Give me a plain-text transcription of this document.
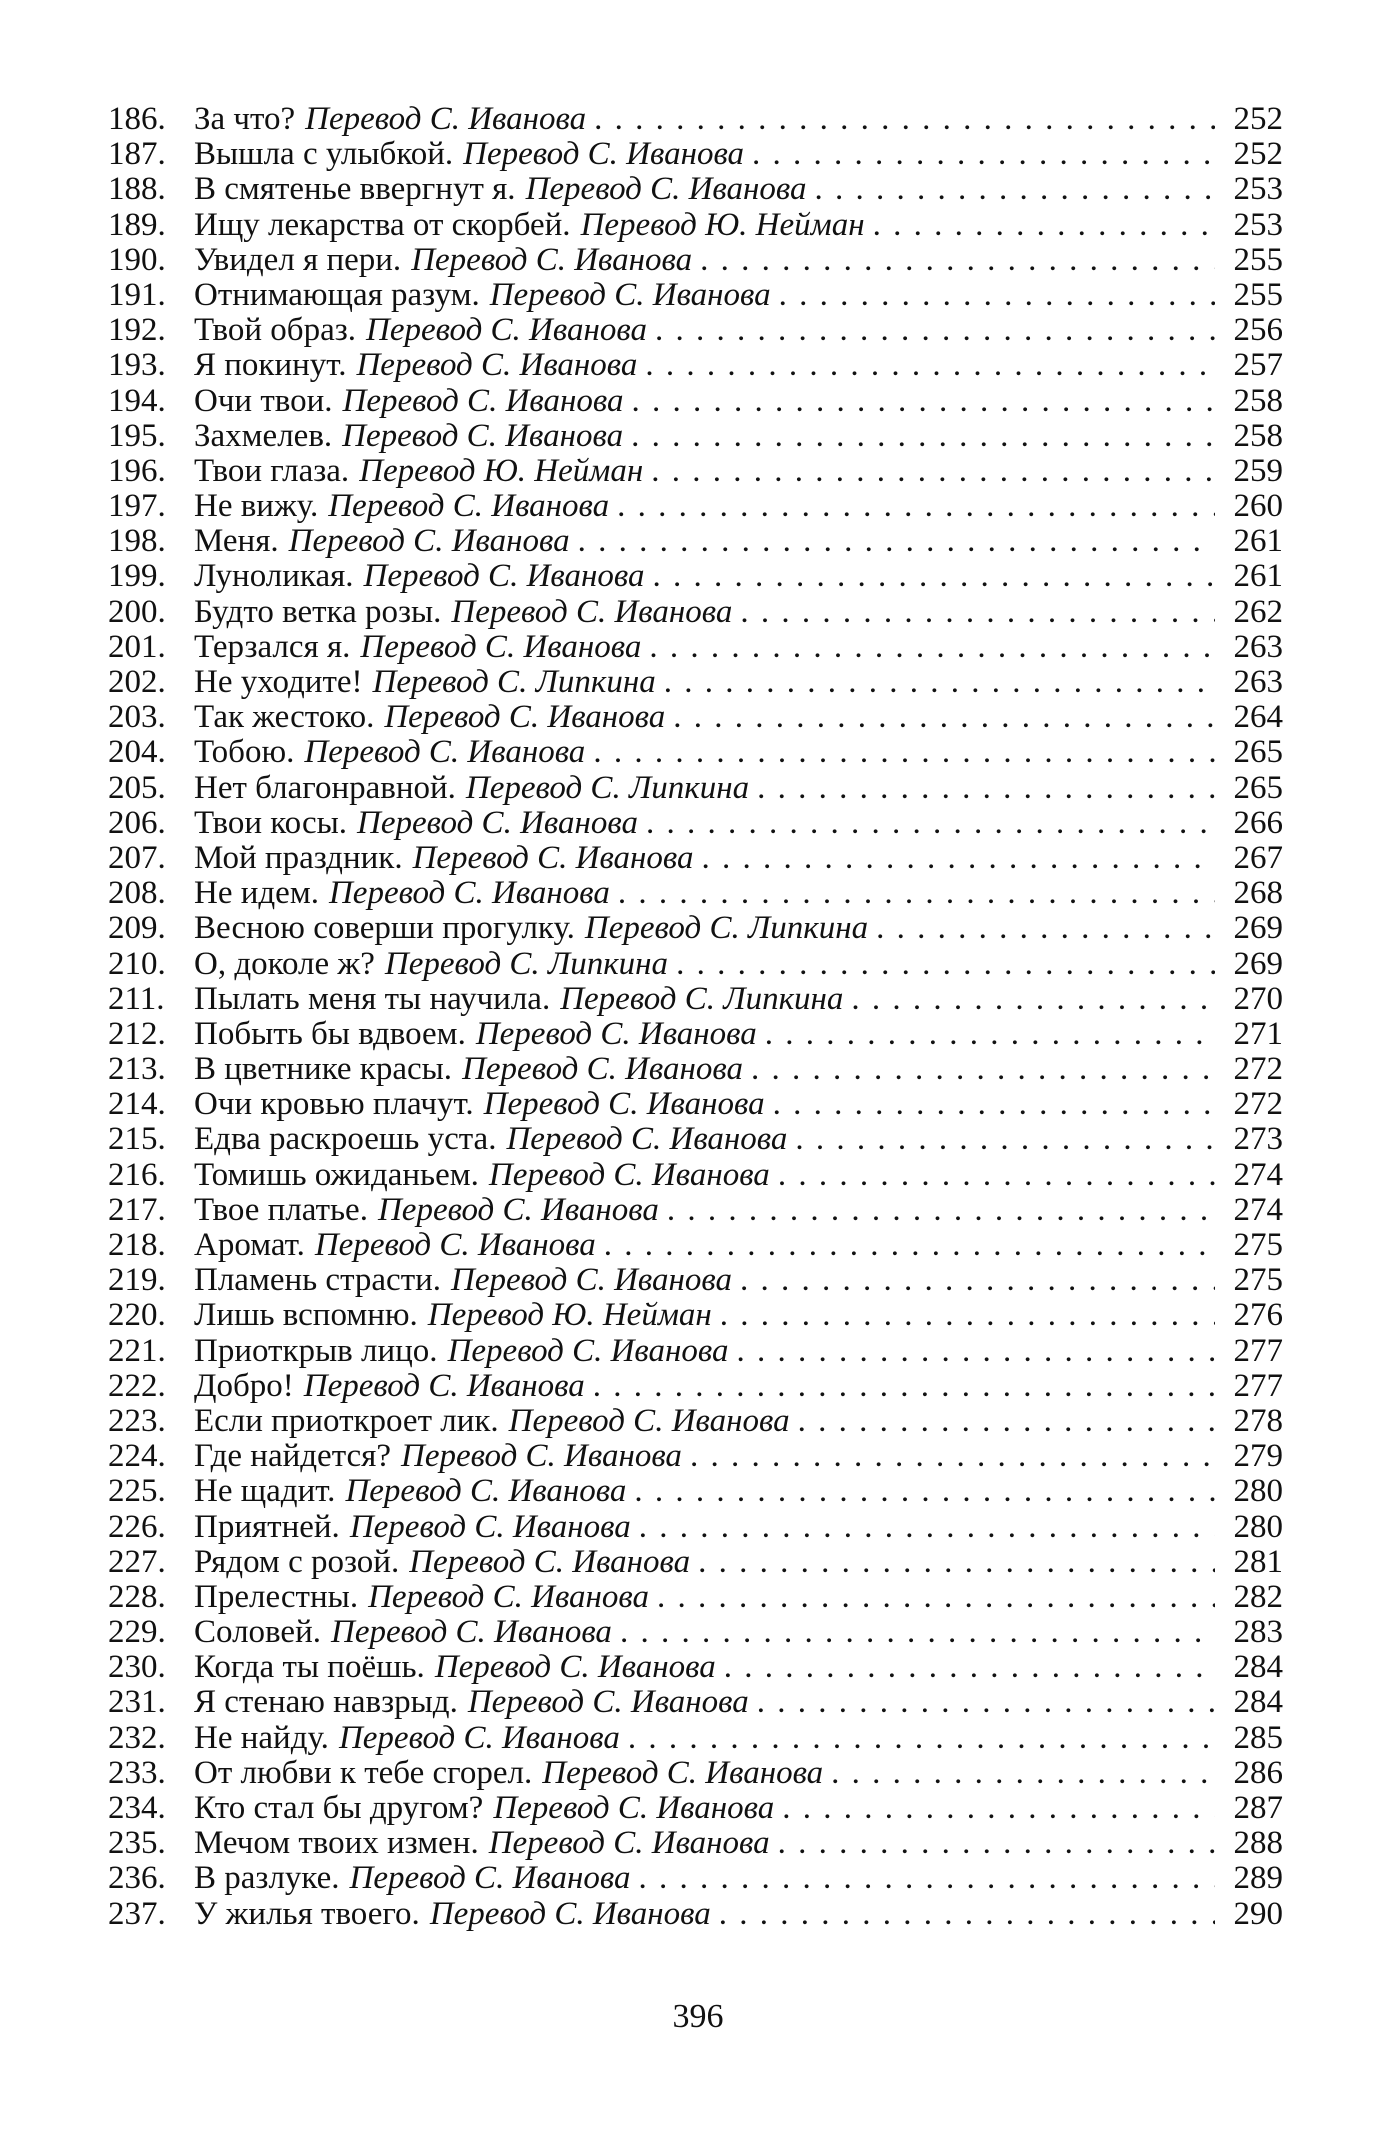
186. За что? Перевод С. Иванова . . .	252
187. Вышла с улыбкой. Перевод С. Иванова . . .	252
188. В смятенье ввергнут я. Перевод С. Иванова . . .	253
189. Ищу лекарства от скорбей. Перевод Ю. Нейман . . .	253
190. Увидел я пери. Перевод С. Иванова . . .	255
191. Отнимающая разум. Перевод С. Иванова . . .	255
192. Твой образ. Перевод С. Иванова . . .	256
193. Я покинут. Перевод С. Иванова . . .	257
194. Очи твои. Перевод С. Иванова . . .	258
195. Захмелев. Перевод С. Иванова . . .	258
196. Твои глаза. Перевод Ю. Нейман . . .	259
197. Не вижу. Перевод С. Иванова . . .	260
198. Меня. Перевод С. Иванова . . .	261
199. Луноликая. Перевод С. Иванова . . .	261
200. Будто ветка розы. Перевод С. Иванова . . .	262
201. Терзался я. Перевод С. Иванова . . .	263
202. Не уходите! Перевод С. Липкина . . .	263
203. Так жестоко. Перевод С. Иванова . . .	264
204. Тобою. Перевод С. Иванова . . .	265
205. Нет благонравной. Перевод С. Липкина . . .	265
206. Твои косы. Перевод С. Иванова . . .	266
207. Мой праздник. Перевод С. Иванова . . .	267
208. Не идем. Перевод С. Иванова . . .	268
209. Весною соверши прогулку. Перевод С. Липкина . . .	269
210. О, доколе ж? Перевод С. Липкина . . .	269
211. Пылать меня ты научила. Перевод С. Липкина . . .	270
212. Побыть бы вдвоем. Перевод С. Иванова . . .	271
213. В цветнике красы. Перевод С. Иванова . . .	272
214. Очи кровью плачут. Перевод С. Иванова . . .	272
215. Едва раскроешь уста. Перевод С. Иванова . . .	273
216. Томишь ожиданьем. Перевод С. Иванова . . .	274
217. Твое платье. Перевод С. Иванова . . .	274
218. Аромат. Перевод С. Иванова . . .	275
219. Пламень страсти. Перевод С. Иванова . . .	275
220. Лишь вспомню. Перевод Ю. Нейман . . .	276
221. Приоткрыв лицо. Перевод С. Иванова . . .	277
222. Добро! Перевод С. Иванова . . .	277
223. Если приоткроет лик. Перевод С. Иванова . . .	278
224. Где найдется? Перевод С. Иванова . . .	279
225. Не щадит. Перевод С. Иванова . . .	280
226. Приятней. Перевод С. Иванова . . .	280
227. Рядом с розой. Перевод С. Иванова . . .	281
228. Прелестны. Перевод С. Иванова . . .	282
229. Соловей. Перевод С. Иванова . . .	283
230. Когда ты поёшь. Перевод С. Иванова . . .	284
231. Я стенаю навзрыд. Перевод С. Иванова . . .	284
232. Не найду. Перевод С. Иванова . . .	285
233. От любви к тебе сгорел. Перевод С. Иванова . . .	286
234. Кто стал бы другом? Перевод С. Иванова . . .	287
235. Мечом твоих измен. Перевод С. Иванова . . .	288
236. В разлуке. Перевод С. Иванова . . .	289
237. У жилья твоего. Перевод С. Иванова . . .	290
396
